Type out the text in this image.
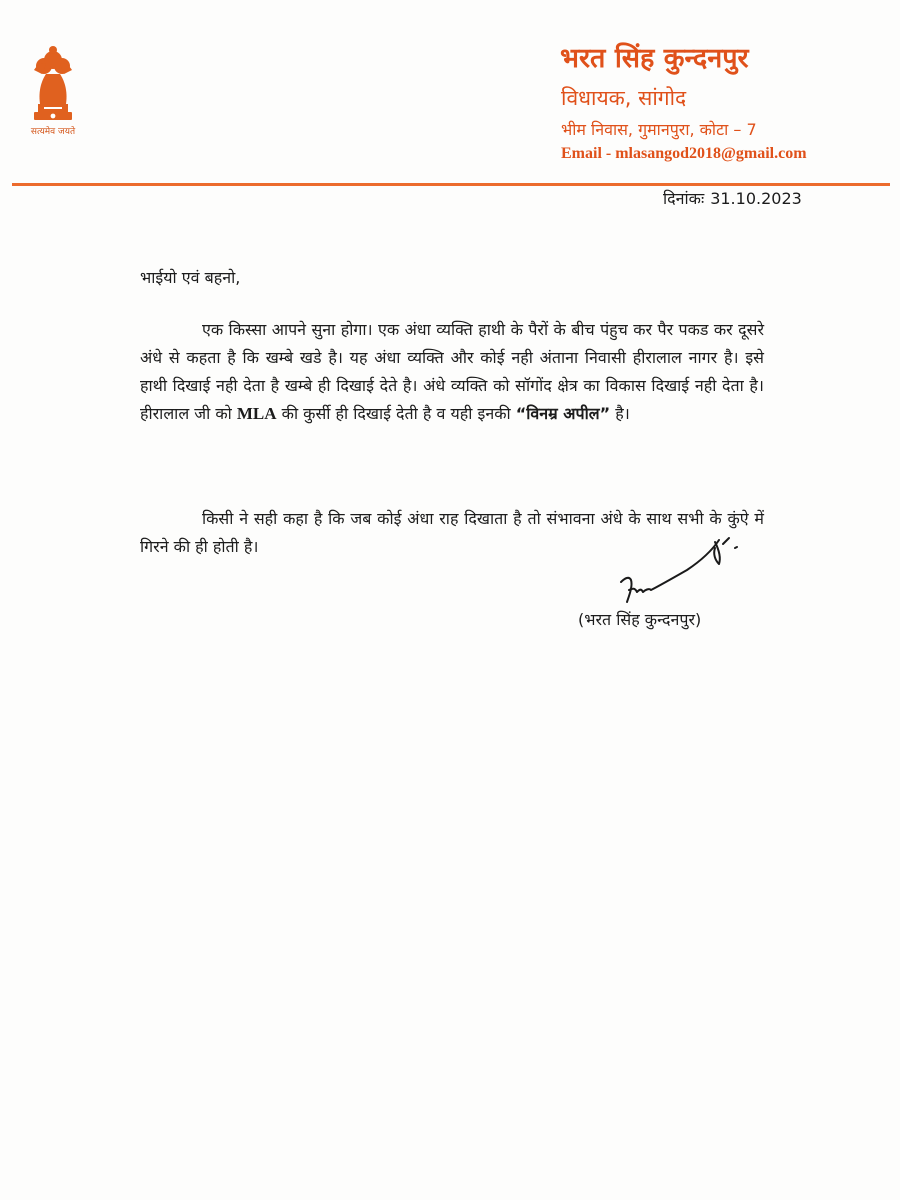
सत्यमेव जयते
भरत सिंह कुन्दनपुर
विधायक, सांगोद
भीम निवास, गुमानपुरा, कोटा – 7
Email - mlasangod2018@gmail.com
दिनांकः 31.10.2023
भाईयो एवं बहनो,

एक किस्सा आपने सुना होगा। एक अंधा व्यक्ति हाथी के पैरों के बीच पंहुच कर पैर पकड कर दूसरे अंधे से कहता है कि खम्बे खडे है। यह अंधा व्यक्ति और कोई नही अंताना निवासी हीरालाल नागर है। इसे हाथी दिखाई नही देता है खम्बे ही दिखाई देते है। अंधे व्यक्ति को सॉगोंद क्षेत्र का विकास दिखाई नही देता है। हीरालाल जी को MLA की कुर्सी ही दिखाई देती है व यही इनकी “विनम्र अपील” है।

किसी ने सही कहा है कि जब कोई अंधा राह दिखाता है तो संभावना अंधे के साथ सभी के कुंऐ में गिरने की ही होती है।

(भरत सिंह कुन्दनपुर)
